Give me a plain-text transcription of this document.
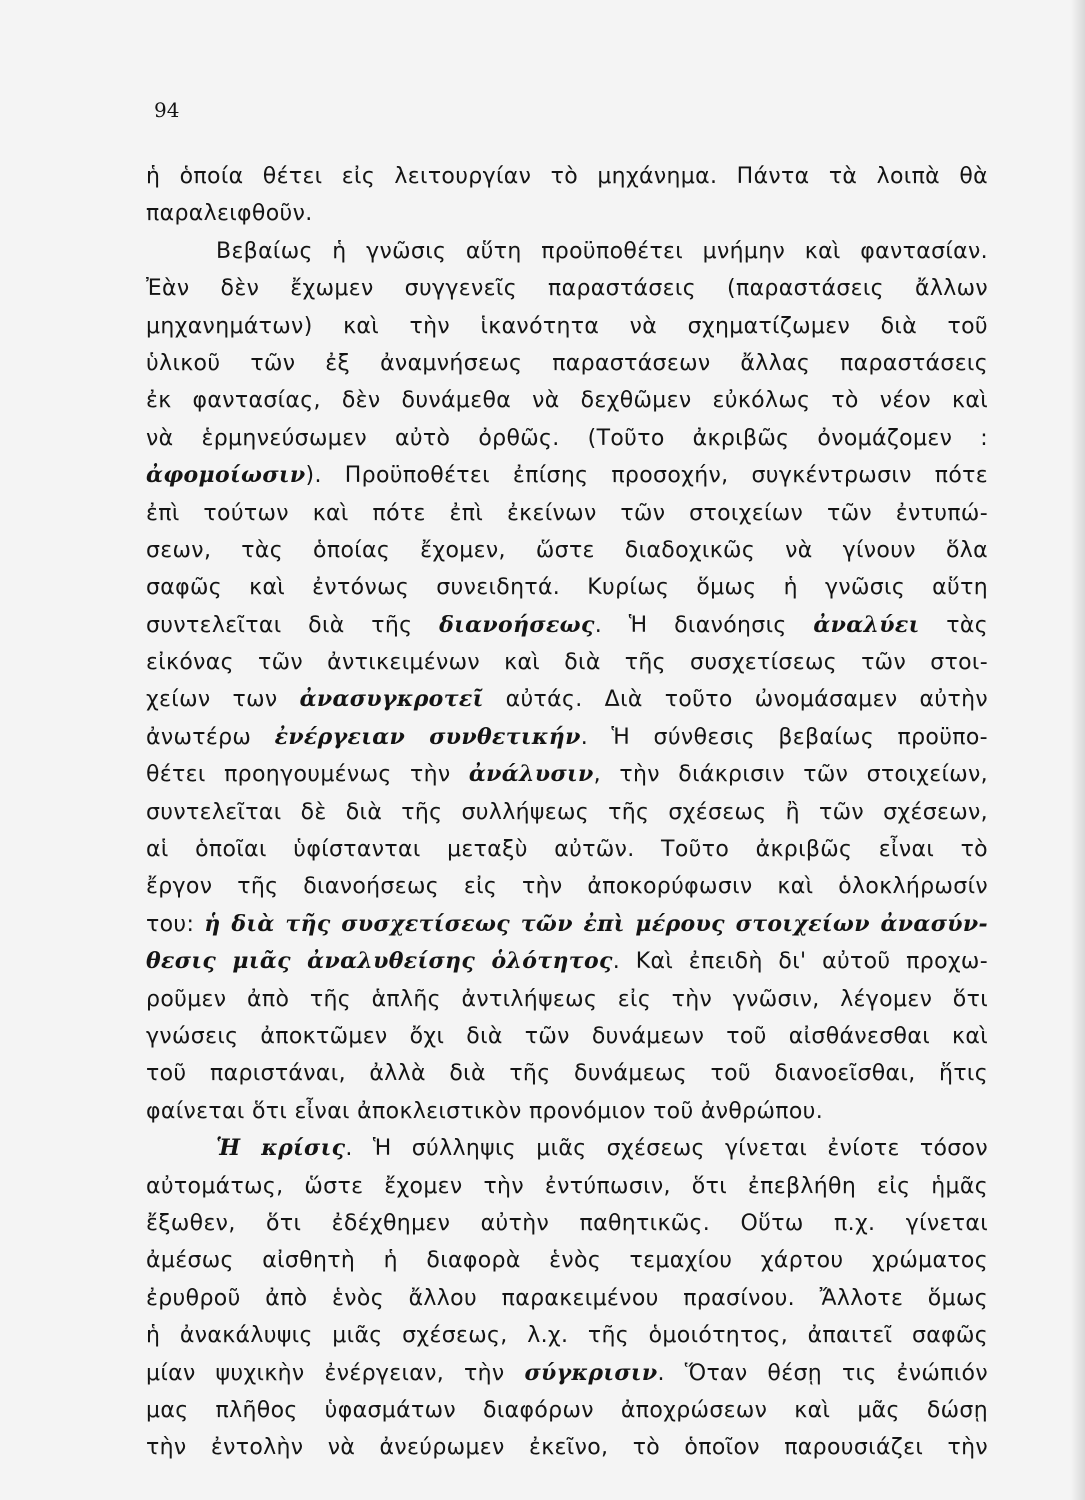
94
ἡ ὁποία θέτει εἰς λειτουργίαν τὸ μηχάνημα. Πάντα τὰ λοιπὰ θὰ
παραλειφθοῦν.
Βεβαίως ἡ γνῶσις αὕτη προϋποθέτει μνήμην καὶ φαντασίαν.
Ἐὰν δὲν ἔχωμεν συγγενεῖς παραστάσεις (παραστάσεις ἄλλων
μηχανημάτων) καὶ τὴν ἱκανότητα νὰ σχηματίζωμεν διὰ τοῦ
ὑλικοῦ τῶν ἐξ ἀναμνήσεως παραστάσεων ἄλλας παραστάσεις
ἐκ φαντασίας, δὲν δυνάμεθα νὰ δεχθῶμεν εὐκόλως τὸ νέον καὶ
νὰ ἑρμηνεύσωμεν αὐτὸ ὀρθῶς. (Τοῦτο ἀκριβῶς ὀνομάζομεν :
ἀφομοίωσιν). Προϋποθέτει ἐπίσης προσοχήν, συγκέντρωσιν πότε
ἐπὶ τούτων καὶ πότε ἐπὶ ἐκείνων τῶν στοιχείων τῶν ἐντυπώ-
σεων, τὰς ὁποίας ἔχομεν, ὥστε διαδοχικῶς νὰ γίνουν ὅλα
σαφῶς καὶ ἐντόνως συνειδητά. Κυρίως ὅμως ἡ γνῶσις αὕτη
συντελεῖται διὰ τῆς διανοήσεως. Ἡ διανόησις ἀναλύει τὰς
εἰκόνας τῶν ἀντικειμένων καὶ διὰ τῆς συσχετίσεως τῶν στοι-
χείων των ἀνασυγκροτεῖ αὐτάς. Διὰ τοῦτο ὠνομάσαμεν αὐτὴν
ἀνωτέρω ἐνέργειαν συνθετικήν. Ἡ σύνθεσις βεβαίως προϋπο-
θέτει προηγουμένως τὴν ἀνάλυσιν, τὴν διάκρισιν τῶν στοιχείων,
συντελεῖται δὲ διὰ τῆς συλλήψεως τῆς σχέσεως ἢ τῶν σχέσεων,
αἱ ὁποῖαι ὑφίστανται μεταξὺ αὐτῶν. Τοῦτο ἀκριβῶς εἶναι τὸ
ἔργον τῆς διανοήσεως εἰς τὴν ἀποκορύφωσιν καὶ ὁλοκλήρωσίν
του: ἡ διὰ τῆς συσχετίσεως τῶν ἐπὶ μέρους στοιχείων ἀνασύν-
θεσις μιᾶς ἀναλυθείσης ὁλότητος. Καὶ ἐπειδὴ δι' αὐτοῦ προχω-
ροῦμεν ἀπὸ τῆς ἁπλῆς ἀντιλήψεως εἰς τὴν γνῶσιν, λέγομεν ὅτι
γνώσεις ἀποκτῶμεν ὄχι διὰ τῶν δυνάμεων τοῦ αἰσθάνεσθαι καὶ
τοῦ παριστάναι, ἀλλὰ διὰ τῆς δυνάμεως τοῦ διανοεῖσθαι, ἥτις
φαίνεται ὅτι εἶναι ἀποκλειστικὸν προνόμιον τοῦ ἀνθρώπου.
Ἡ κρίσις. Ἡ σύλληψις μιᾶς σχέσεως γίνεται ἐνίοτε τόσον
αὐτομάτως, ὥστε ἔχομεν τὴν ἐντύπωσιν, ὅτι ἐπεβλήθη εἰς ἡμᾶς
ἔξωθεν, ὅτι ἐδέχθημεν αὐτὴν παθητικῶς. Οὕτω π.χ. γίνεται
ἀμέσως αἰσθητὴ ἡ διαφορὰ ἑνὸς τεμαχίου χάρτου χρώματος
ἐρυθροῦ ἀπὸ ἑνὸς ἄλλου παρακειμένου πρασίνου. Ἄλλοτε ὅμως
ἡ ἀνακάλυψις μιᾶς σχέσεως, λ.χ. τῆς ὁμοιότητος, ἀπαιτεῖ σαφῶς
μίαν ψυχικὴν ἐνέργειαν, τὴν σύγκρισιν. Ὅταν θέσῃ τις ἐνώπιόν
μας πλῆθος ὑφασμάτων διαφόρων ἀποχρώσεων καὶ μᾶς δώσῃ
τὴν ἐντολὴν νὰ ἀνεύρωμεν ἐκεῖνο, τὸ ὁποῖον παρουσιάζει τὴν
